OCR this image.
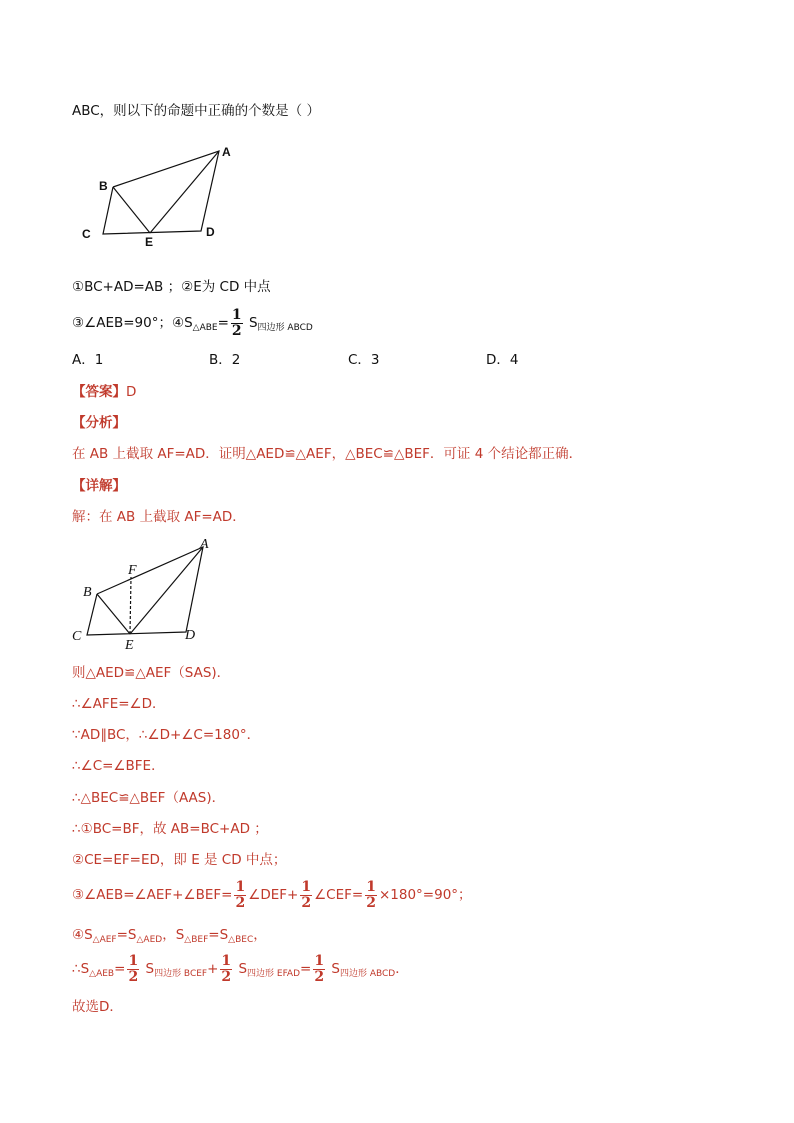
ABC，则以下的命题中正确的个数是（ ）
A
B
C	D
E
①BC+AD=AB ；②E为 CD 中点
③∠AEB=90°；$④S_{\triangle ABE}= \frac{1}{2} S_{四边形 ABCD}$
A．1	B．2	C．3	D．4
【答案】D
【分析】
在 AB 上截取 AF=AD．证明△AED≌△AEF，△BEC≌△BEF．可证 4 个结论都正确．
【详解】
解：在 AB 上截取 AF=AD．
A
B
C	D
E
F
则△AED≌△AEF（SAS)．
∴∠AFE=∠D．
∵AD∥BC，∴∠D+∠C=180°．
∴∠C=∠BFE．
∴△BEC≌△BEF（AAS)．
∴①BC=BF，故 AB=BC+AD ；
②CE=EF=ED，即 E 是 CD 中点；
③∠AEB=∠AEF+∠BEF= $\frac{1}{2}$ ∠DEF+ $\frac{1}{2}$ ∠CEF= $\frac{1}{2} \times 180^\circ=90^\circ$；
$④S_{\triangle AEF}=S_{\triangle AED}$，$S_{\triangle BEF}=S_{\triangle BEC}$，
$\therefore S_{\triangle AEB}= \frac{1}{2} S_{四边形 BCEF}+ \frac{1}{2} S_{四边形 EFAD}= \frac{1}{2} S_{四边形 ABCD}$．
故选D．
